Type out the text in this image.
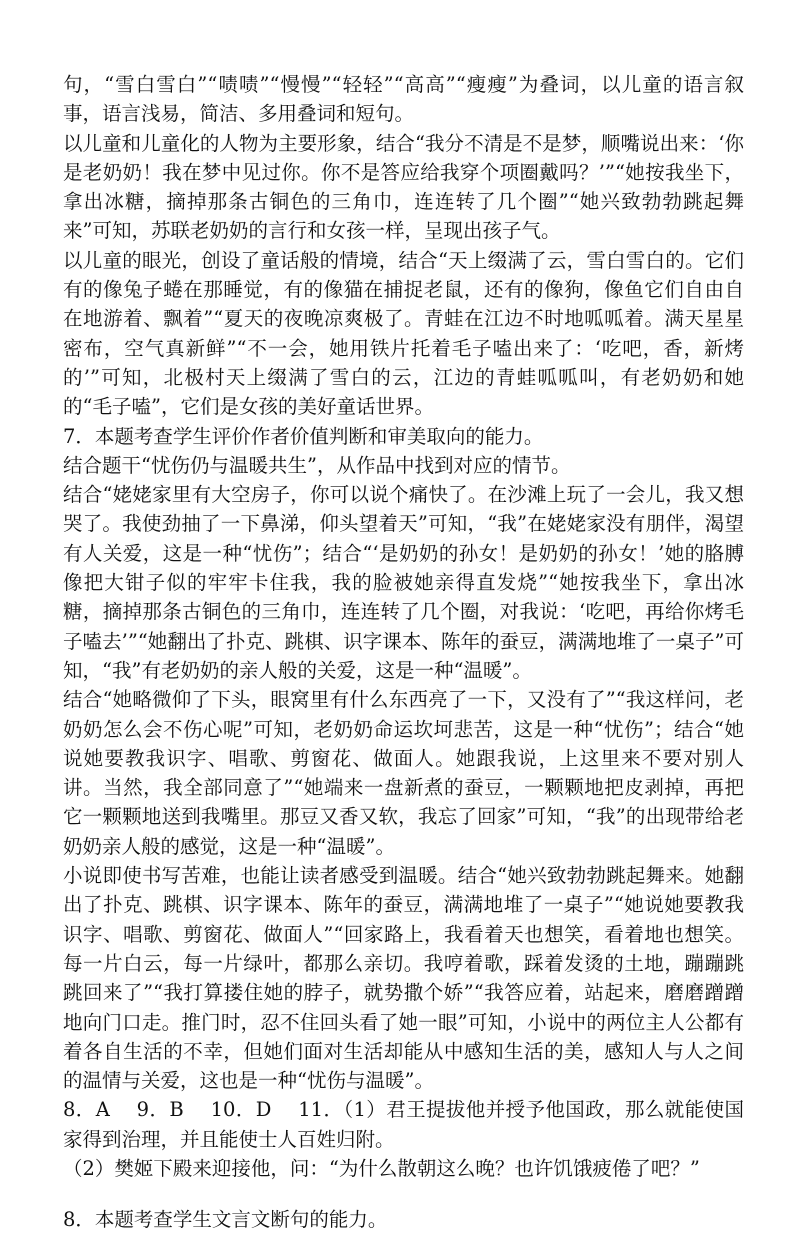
句，“雪白雪白”“啧啧”“慢慢”“轻轻”“高高”“瘦瘦”为叠词，以儿童的语言叙事，语言浅易，简洁、多用叠词和短句。

以儿童和儿童化的人物为主要形象，结合“我分不清是不是梦，顺嘴说出来：‘你是老奶奶！我在梦中见过你。你不是答应给我穿个项圈戴吗？’”“她按我坐下，拿出冰糖，摘掉那条古铜色的三角巾，连连转了几个圈”“她兴致勃勃跳起舞来”可知，苏联老奶奶的言行和女孩一样，呈现出孩子气。

以儿童的眼光，创设了童话般的情境，结合“天上缀满了云，雪白雪白的。它们有的像兔子蜷在那睡觉，有的像猫在捕捉老鼠，还有的像狗，像鱼它们自由自在地游着、飘着”“夏天的夜晚凉爽极了。青蛙在江边不时地呱呱着。满天星星密布，空气真新鲜”“不一会，她用铁片托着毛子嗑出来了：‘吃吧，香，新烤的’”可知，北极村天上缀满了雪白的云，江边的青蛙呱呱叫，有老奶奶和她的“毛子嗑”，它们是女孩的美好童话世界。

7．本题考查学生评价作者价值判断和审美取向的能力。

结合题干“忧伤仍与温暖共生”，从作品中找到对应的情节。

结合“姥姥家里有大空房子，你可以说个痛快了。在沙滩上玩了一会儿，我又想哭了。我使劲抽了一下鼻涕，仰头望着天”可知，“我”在姥姥家没有朋伴，渴望有人关爱，这是一种“忧伤”；结合“‘是奶奶的孙女！是奶奶的孙女！’她的胳膊像把大钳子似的牢牢卡住我，我的脸被她亲得直发烧”“她按我坐下，拿出冰糖，摘掉那条古铜色的三角巾，连连转了几个圈，对我说：‘吃吧，再给你烤毛子嗑去’”“她翻出了扑克、跳棋、识字课本、陈年的蚕豆，满满地堆了一桌子”可知，“我”有老奶奶的亲人般的关爱，这是一种“温暖”。

结合“她略微仰了下头，眼窝里有什么东西亮了一下，又没有了”“我这样问，老奶奶怎么会不伤心呢”可知，老奶奶命运坎坷悲苦，这是一种“忧伤”；结合“她说她要教我识字、唱歌、剪窗花、做面人。她跟我说，上这里来不要对别人讲。当然，我全部同意了”“她端来一盘新煮的蚕豆，一颗颗地把皮剥掉，再把它一颗颗地送到我嘴里。那豆又香又软，我忘了回家”可知，“我”的出现带给老奶奶亲人般的感觉，这是一种“温暖”。

小说即使书写苦难，也能让读者感受到温暖。结合“她兴致勃勃跳起舞来。她翻出了扑克、跳棋、识字课本、陈年的蚕豆，满满地堆了一桌子”“她说她要教我识字、唱歌、剪窗花、做面人”“回家路上，我看着天也想笑，看着地也想笑。每一片白云，每一片绿叶，都那么亲切。我哼着歌，踩着发烫的土地，蹦蹦跳跳回来了”“我打算搂住她的脖子，就势撒个娇”“我答应着，站起来，磨磨蹭蹭地向门口走。推门时，忍不住回头看了她一眼”可知，小说中的两位主人公都有着各自生活的不幸，但她们面对生活却能从中感知生活的美，感知人与人之间的温情与关爱，这也是一种“忧伤与温暖”。

8．A　 9．B　 10．D　 11．（1）君王提拔他并授予他国政，那么就能使国家得到治理，并且能使士人百姓归附。

（2）樊姬下殿来迎接他，问：“为什么散朝这么晚？也许饥饿疲倦了吧？”

8．本题考查学生文言文断句的能力。
